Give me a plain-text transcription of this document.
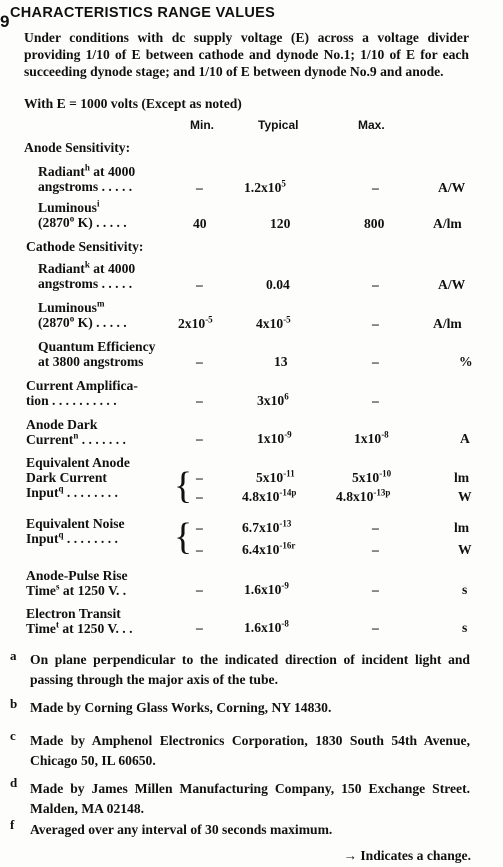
9 CHARACTERISTICS RANGE VALUES
Under conditions with dc supply voltage (E) across a voltage divider providing 1/10 of E between cathode and dynode No.1; 1/10 of E for each succeeding dynode stage; and 1/10 of E between dynode No.9 and anode.
With E = 1000 volts (Except as noted)
Min.	Typical	Max.
Anode Sensitivity:
Radiant$^h$ at 4000
angstroms . . . . .	–	$1.2x10^5$	–	A/W
Luminous$^i$
(2870$^o$ K) . . . . .	40	120	800	A/lm
Cathode Sensitivity:
Radiant$^k$ at 4000
angstroms . . . . .	–	0.04	–	A/W
Luminous$^m$
(2870$^o$ K) . . . . .	$2x10^{-5}$	$4x10^{-5}$	–	A/lm
Quantum Efficiency
at 3800 angstroms	–	13	–	%
Current Amplifica-
tion . . . . . . . . . .	–	$3x10^6$	–
Anode Dark
Current$^n$ . . . . . . .	–	$1x10^{-9}$	$1x10^{-8}$	A
Equivalent Anode
Dark Current
Input$^q$ . . . . . . . .	{ –	$5x10^{-11}$	$5x10^{-10}$	lm
–	$4.8x10^{-14p}$	$4.8x10^{-13p}$	W
Equivalent Noise
Input$^q$ . . . . . . . . { –	$6.7x10^{-13}$	–	lm
–	$6.4x10^{-16r}$	–	W
Anode-Pulse Rise
Time$^s$ at 1250 V. .	–	$1.6x10^{-9}$	–	s
Electron Transit
Time$^t$ at 1250 V. . .	–	$1.6x10^{-8}$	–	s
a On plane perpendicular to the indicated direction of incident light and passing through the major axis of the tube.
b Made by Corning Glass Works, Corning, NY 14830.
c Made by Amphenol Electronics Corporation, 1830 South 54th Avenue, Chicago 50, IL 60650.
d Made by James Millen Manufacturing Company, 150 Exchange Street. Malden, MA 02148.
f Averaged over any interval of 30 seconds maximum.
→ Indicates a change.
